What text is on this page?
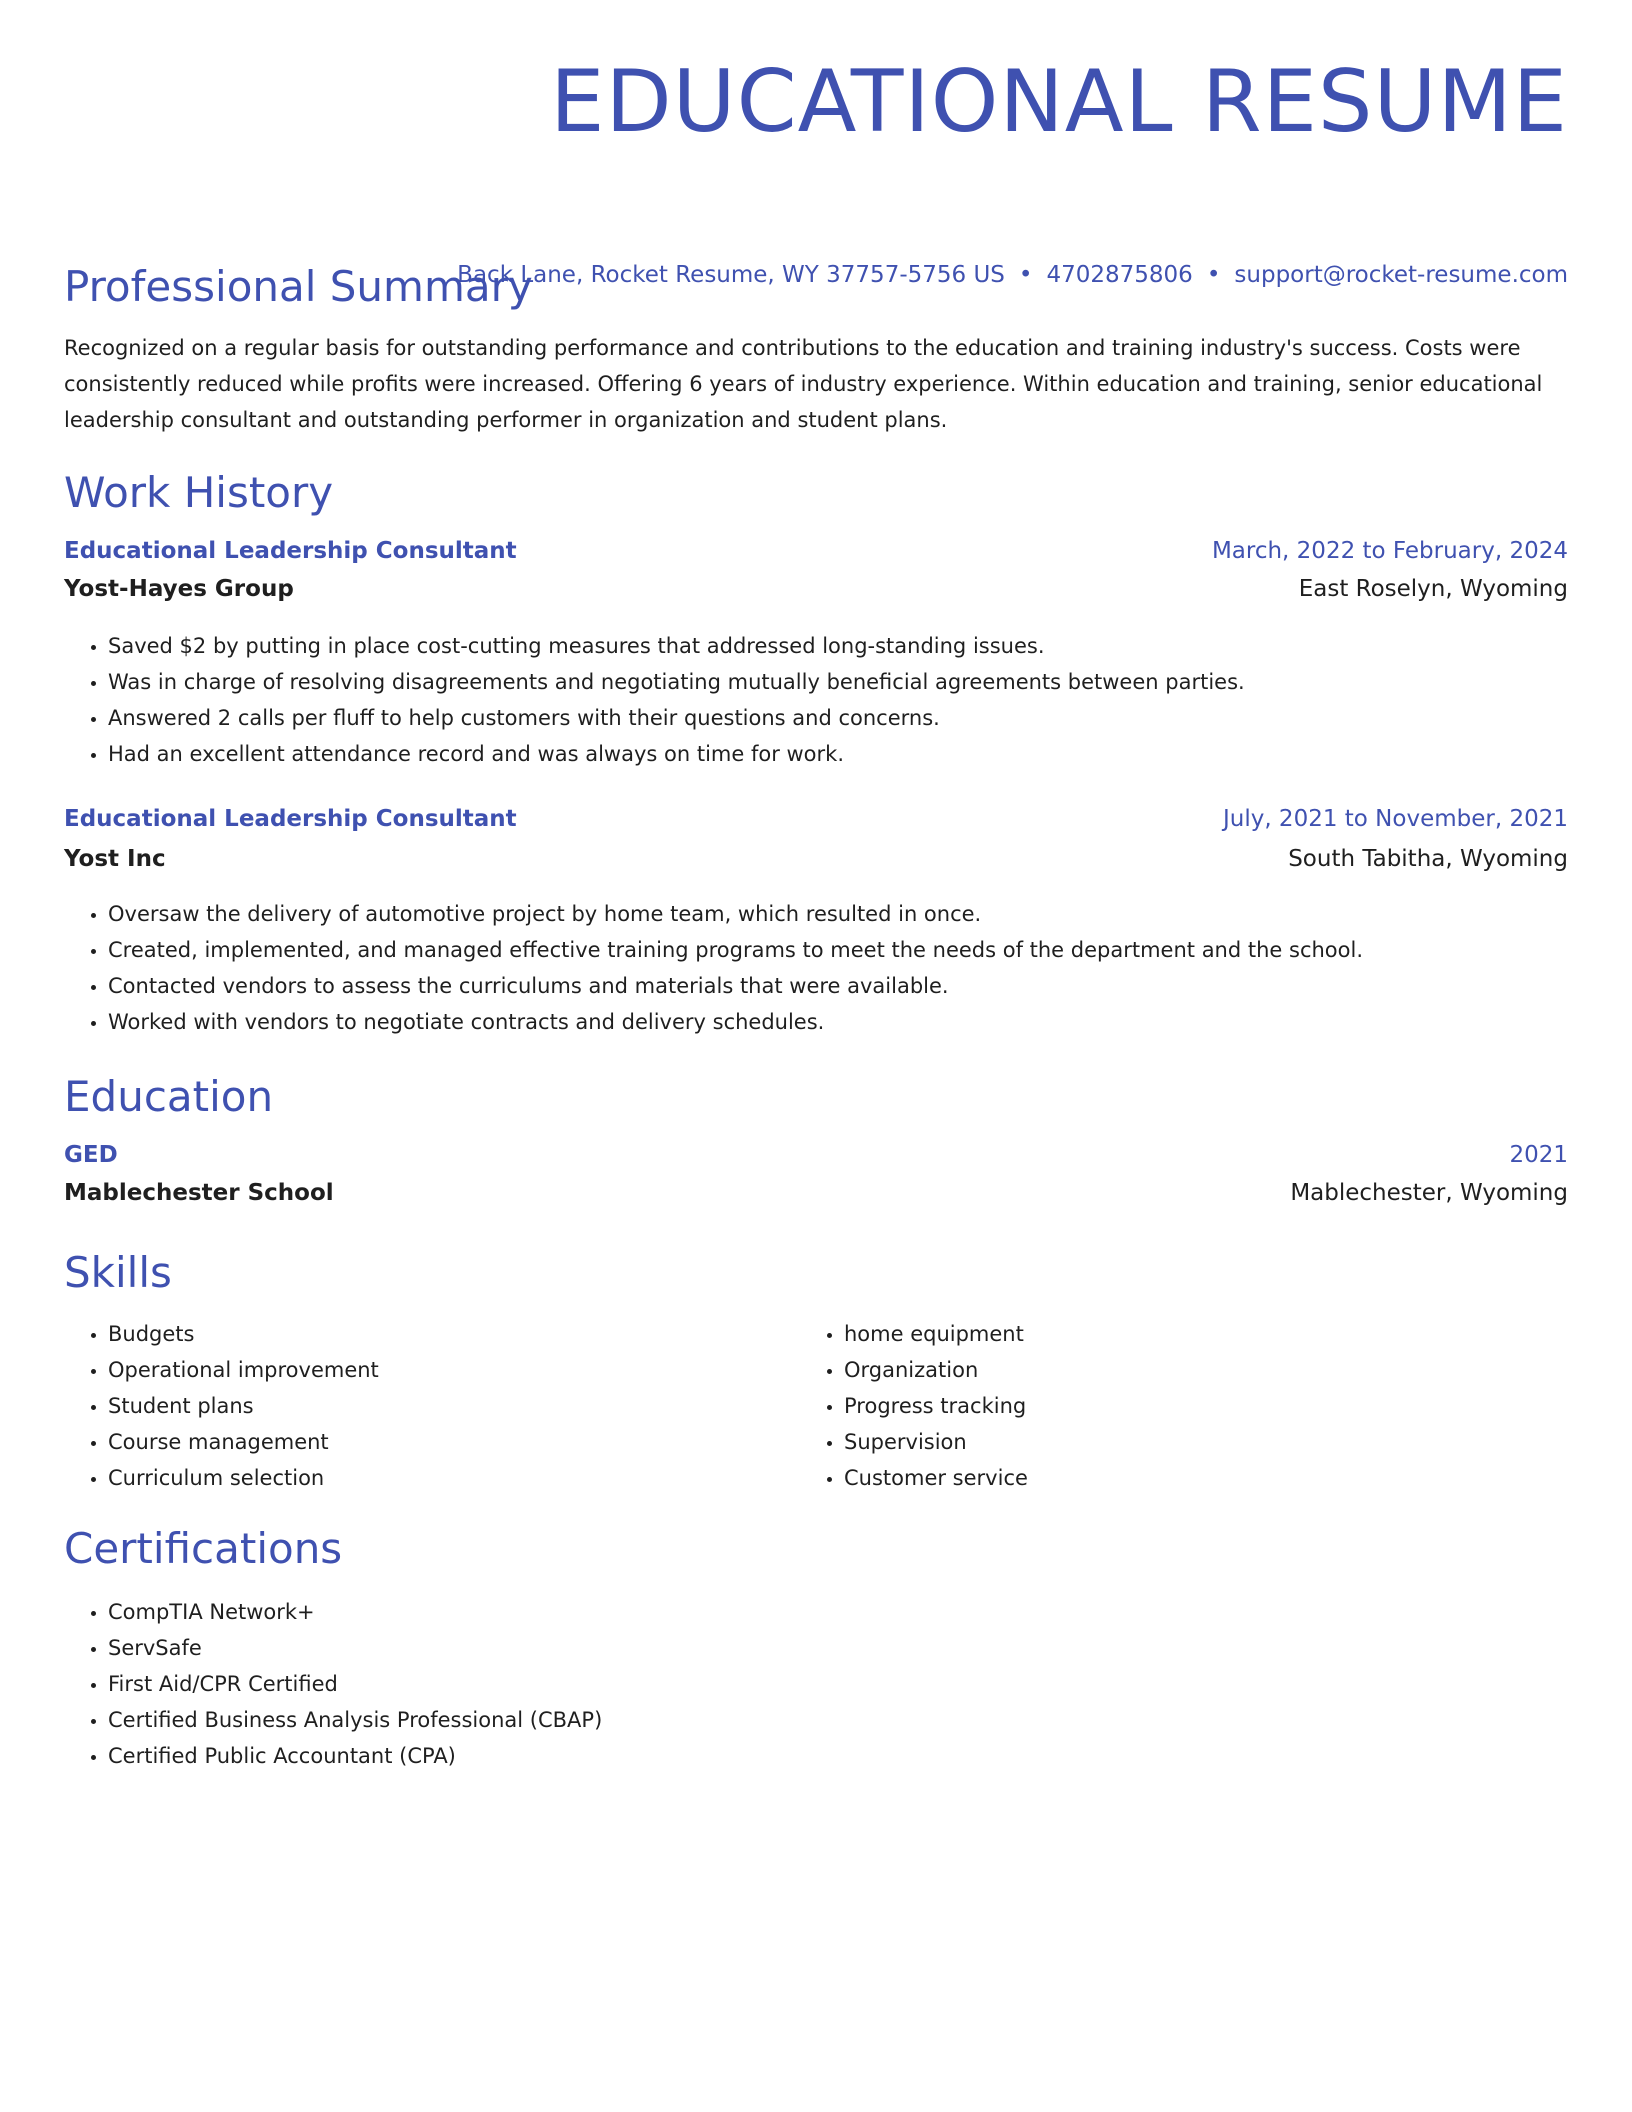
EDUCATIONAL RESUME
Back Lane, Rocket Resume, WY 37757-5756 US • 4702875806 • support@rocket-resume.com
Professional Summary

Recognized on a regular basis for outstanding performance and contributions to the education and training industry's success. Costs were consistently reduced while profits were increased. Offering 6 years of industry experience. Within education and training, senior educational leadership consultant and outstanding performer in organization and student plans.

Work History
Educational Leadership Consultant	March, 2022 to February, 2024
Yost-Hayes Group	East Roselyn, Wyoming
• Saved $2 by putting in place cost-cutting measures that addressed long-standing issues.
• Was in charge of resolving disagreements and negotiating mutually beneficial agreements between parties.
• Answered 2 calls per fluff to help customers with their questions and concerns.
• Had an excellent attendance record and was always on time for work.
Educational Leadership Consultant	July, 2021 to November, 2021
Yost Inc	South Tabitha, Wyoming
• Oversaw the delivery of automotive project by home team, which resulted in once.
• Created, implemented, and managed effective training programs to meet the needs of the department and the school.
• Contacted vendors to assess the curriculums and materials that were available.
• Worked with vendors to negotiate contracts and delivery schedules.
Education
GED	2021
Mablechester School	Mablechester, Wyoming
Skills
• Budgets
• Operational improvement
• Student plans
• Course management
• Curriculum selection
• home equipment
• Organization
• Progress tracking
• Supervision
• Customer service
Certifications
• CompTIA Network+
• ServSafe
• First Aid/CPR Certified
• Certified Business Analysis Professional (CBAP)
• Certified Public Accountant (CPA)
